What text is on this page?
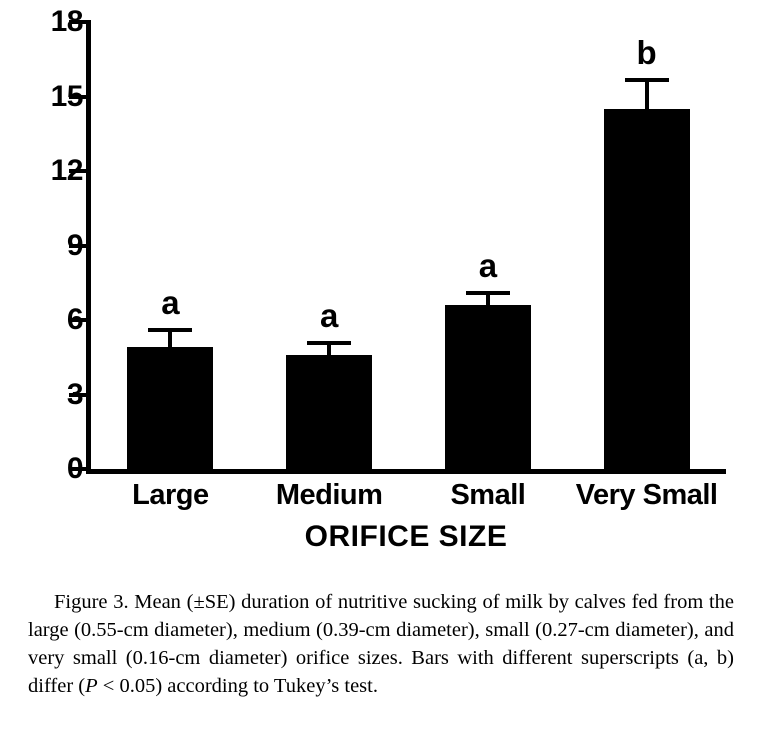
0
3
6
9
12
15
18
a
Large
a
Medium
a
Small
b
Very Small
ORIFICE SIZE
Figure 3. Mean (±SE) duration of nutritive sucking of milk by calves fed from the large (0.55-cm diameter), medium (0.39-cm diameter), small (0.27-cm diameter), and very small (0.16-cm diameter) orifice sizes. Bars with different superscripts (a, b) differ (P < 0.05) according to Tukey’s test.
